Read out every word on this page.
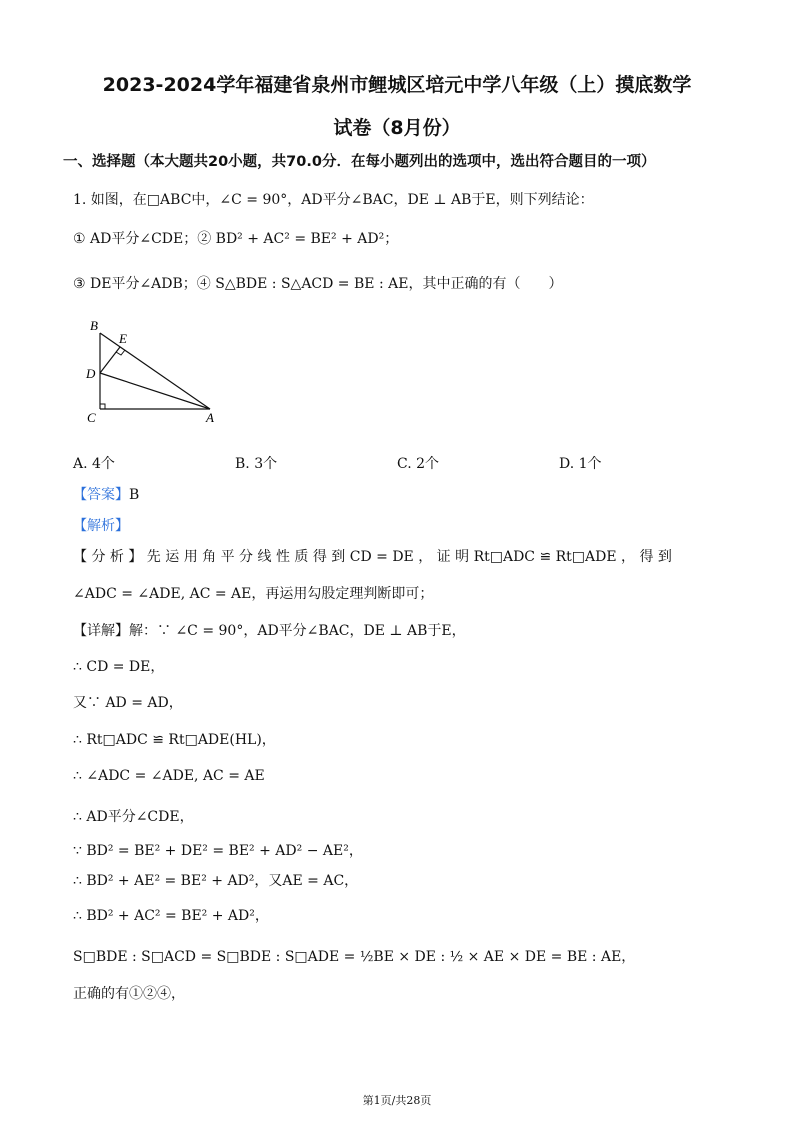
2023-2024学年福建省泉州市鲤城区培元中学八年级（上）摸底数学
试卷（8月份）
一、选择题（本大题共20小题，共70.0分．在每小题列出的选项中，选出符合题目的一项）
1. 如图，在□ABC中，∠C = 90°，AD平分∠BAC，DE ⊥ AB于E，则下列结论：
① AD平分∠CDE；② BD² + AC² = BE² + AD²；
③ DE平分∠ADB；④ S△BDE : S△ACD = BE : AE，其中正确的有（　　）
B
E
D
C	A
A. 4个	B. 3个	C. 2个	D. 1个
【答案】B
【解析】
【 分 析 】 先 运 用 角 平 分 线 性 质 得 到 CD = DE ， 证 明 Rt□ADC ≌ Rt□ADE ， 得 到
∠ADC = ∠ADE, AC = AE，再运用勾股定理判断即可；
【详解】解：∵ ∠C = 90°，AD平分∠BAC，DE ⊥ AB于E，
∴ CD = DE，
又∵ AD = AD，
∴ Rt□ADC ≌ Rt□ADE(HL)，
∴ ∠ADC = ∠ADE, AC = AE
∴ AD平分∠CDE，
∵ BD² = BE² + DE² = BE² + AD² − AE²，
∴ BD² + AE² = BE² + AD²，又AE = AC，
∴ BD² + AC² = BE² + AD²，
S□BDE : S□ACD = S□BDE : S□ADE = ½BE × DE : ½ × AE × DE = BE : AE，
正确的有①②④，
第1页/共28页
